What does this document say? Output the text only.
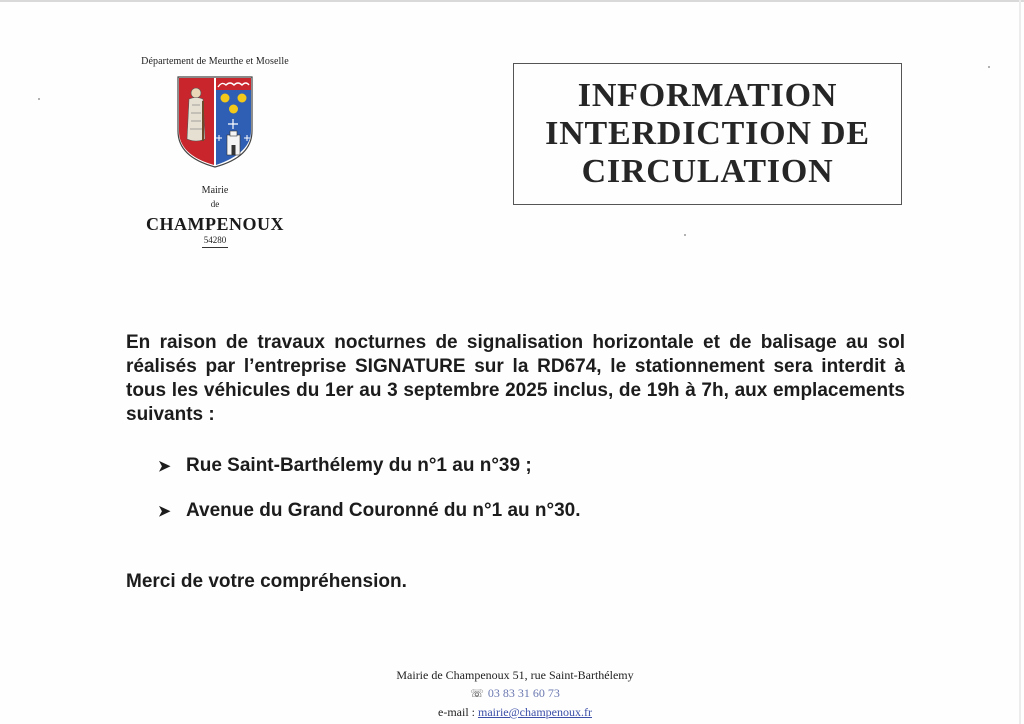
Département de Meurthe et Moselle

Mairie

de

CHAMPENOUX

54280

INFORMATION
INTERDICTION DE
CIRCULATION

En raison de travaux nocturnes de signalisation horizontale et de balisage au sol réalisés par l’entreprise SIGNATURE sur la RD674, le stationnement sera interdit à tous les véhicules du 1er au 3 septembre 2025 inclus, de 19h à 7h, aux emplacements suivants :

➤ Rue Saint-Barthélemy du n°1 au n°39 ;

➤ Avenue du Grand Couronné du n°1 au n°30.

Merci de votre compréhension.

Mairie de Champenoux 51, rue Saint-Barthélemy

☏ 03 83 31 60 73

e-mail : mairie@champenoux.fr
